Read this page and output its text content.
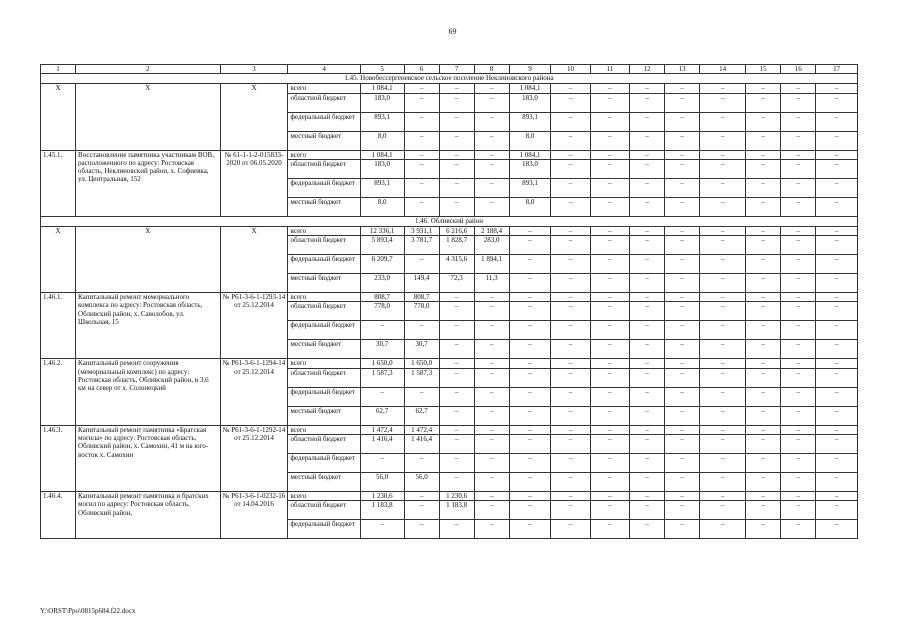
69
1	2	3	4	5	6	7	8	9	10	11	12	13	14	15	16	17
1.45. Новобессергеневское сельское поселение Неклиновского района																
Х	Х	Х	всего	1 084,1	–	–	–	1 084,1	–	–	–	–	–	–	–	–
			областной бюджет	183,0	–	–	–	183,0	–	–	–	–	–	–	–	–
			федеральный бюджет	893,1	–	–	–	893,1	–	–	–	–	–	–	–	–
			местный бюджет	8,0	–	–	–	8,0	–	–	–	–	–	–	–	–
1.45.1.	Восстановление памятника участникам ВОВ, расположенного по адресу: Ростовская область, Неклиновский район, х. Софиевка, ул. Центральная, 152	№ 61-1-1-2-015833-2020 от 06.05.2020	всего	1 084,1	–	–	–	1 084,1	–	–	–	–	–	–	–	–
			областной бюджет	183,0	–	–	–	183,0	–	–	–	–	–	–	–	–
			федеральный бюджет	893,1	–	–	–	893,1	–	–	–	–	–	–	–	–
			местный бюджет	8,0	–	–	–	8,0	–	–	–	–	–	–	–	–
1.46. Обливский район																
Х	Х	Х	всего	12 336,1	3 931,1	6 216,6	2 188,4	–	–	–	–	–	–	–	–	–
			областной бюджет	5 893,4	3 781,7	1 828,7	283,0	–	–	–	–	–	–	–	–	–
			федеральный бюджет	6 209,7	–	4 315,6	1 894,1	–	–	–	–	–	–	–	–	–
			местный бюджет	233,0	149,4	72,3	11,3	–	–	–	–	–	–	–	–	–
1.46.1.	Капитальный ремонт мемориального комплекса по адресу: Ростовская область, Обливский район, х. Саволобов, ул. Школьная, 15	№ Р61-3-6-1-1293-14 от 25.12.2014	всего	808,7	808,7	–	–	–	–	–	–	–	–	–	–	–
			областной бюджет	778,0	778,0	–	–	–	–	–	–	–	–	–	–	–
			федеральный бюджет	–	–	–	–	–	–	–	–	–	–	–	–	–
			местный бюджет	30,7	30,7	–	–	–	–	–	–	–	–	–	–	–
1.46.2.	Капитальный ремонт сооружения (мемориальный комплекс) по адресу: Ростовская область, Обливский район, в 3,6 км на север от х. Солонецкий	№ Р61-3-6-1-1294-14 от 25.12.2014	всего	1 650,0	1 650,0	–	–	–	–	–	–	–	–	–	–	–
			областной бюджет	1 587,3	1 587,3	–	–	–	–	–	–	–	–	–	–	–
			федеральный бюджет	–	–	–	–	–	–	–	–	–	–	–	–	–
			местный бюджет	62,7	62,7	–	–	–	–	–	–	–	–	–	–	–
1.46.3.	Капитальный ремонт памятника «Братская могила» по адресу: Ростовская область, Обливский район, х. Самохин, 41 м на юго-восток х. Самохин	№ Р61-3-6-1-1292-14 от 25.12.2014	всего	1 472,4	1 472,4	–	–	–	–	–	–	–	–	–	–	–
			областной бюджет	1 416,4	1 416,4	–	–	–	–	–	–	–	–	–	–	–
			федеральный бюджет	–	–	–	–	–	–	–	–	–	–	–	–	–
			местный бюджет	56,0	56,0	–	–	–	–	–	–	–	–	–	–	–
1.46.4.	Капитальный ремонт памятника и братских могил по адресу: Ростовская область, Обливский район,	№ Р61-3-6-1-0232-16 от 14.04.2016	всего	1 230,6	–	1 230,6	–	–	–	–	–	–	–	–	–	–
			областной бюджет	1 183,8	–	1 183,8	–	–	–	–	–	–	–	–	–	–
			федеральный бюджет	–	–	–	–	–	–	–	–	–	–	–	–	–
Y:\ORST\Ppo\0815p684.f22.docx
